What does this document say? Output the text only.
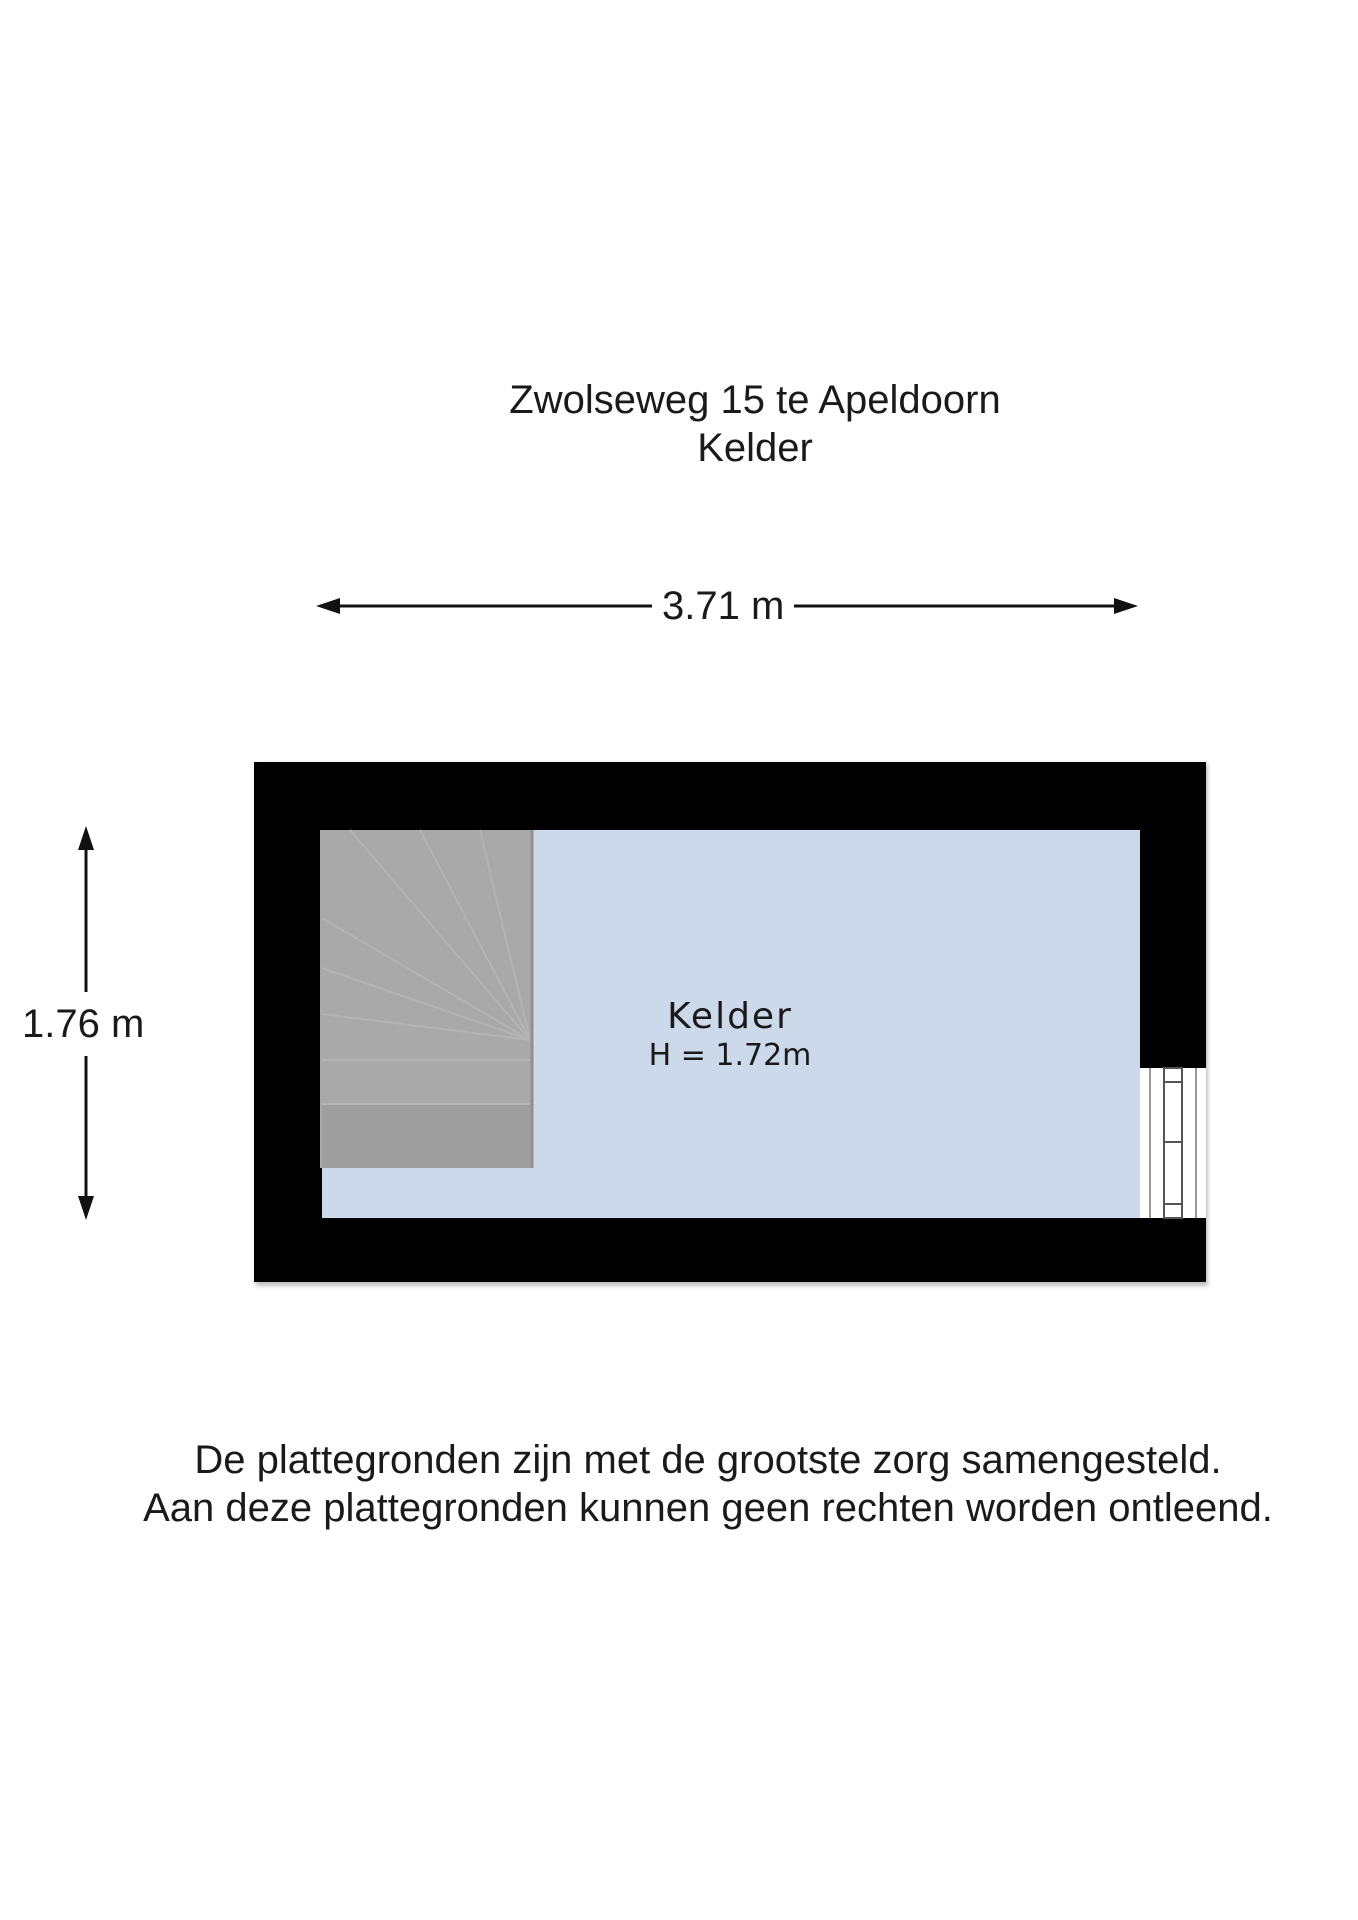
Zwolseweg 15 te Apeldoorn
Kelder
3.71 m
1.76 m	Kelder
H = 1.72m
De plattegronden zijn met de grootste zorg samengesteld.
Aan deze plattegronden kunnen geen rechten worden ontleend.
